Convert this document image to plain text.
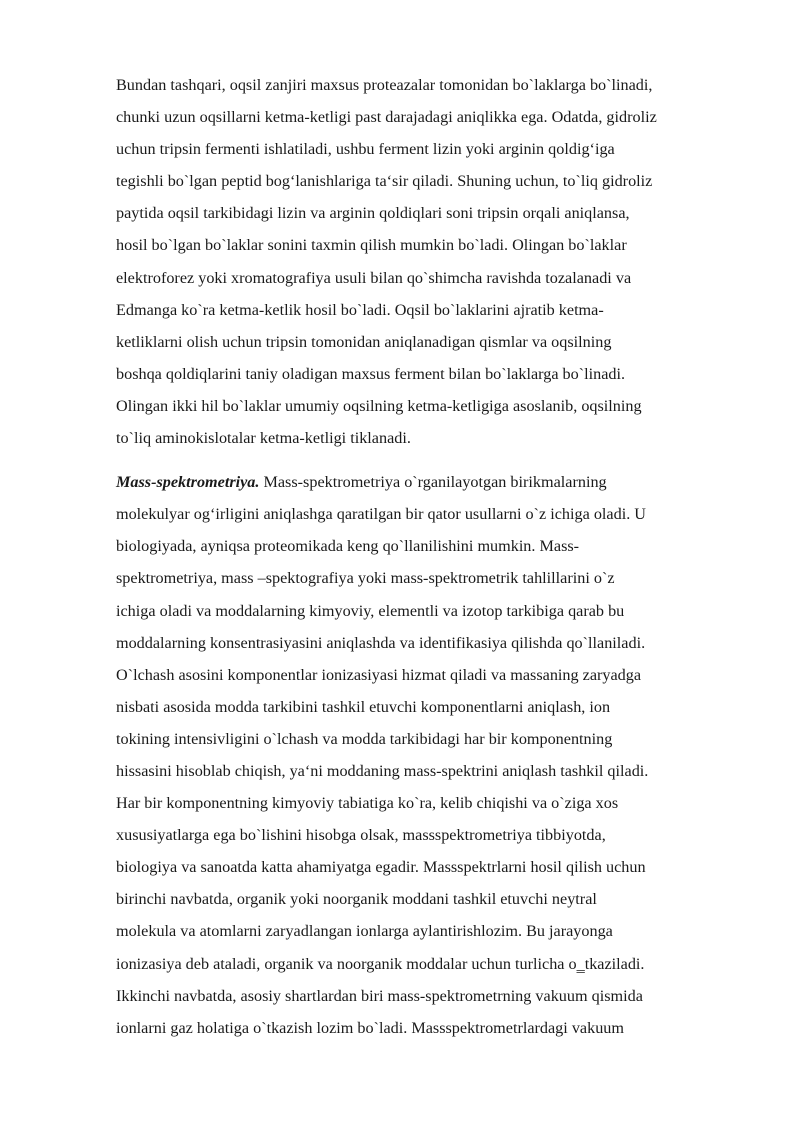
Bundan tashqari, oqsil zanjiri maxsus proteazalar tomonidan bo`laklarga bo`linadi,
chunki uzun oqsillarni ketma-ketligi past darajadagi aniqlikka ega. Odatda, gidroliz
uchun tripsin fermenti ishlatiladi, ushbu ferment lizin yoki arginin qoldig‘iga
tegishli bo`lgan peptid bog‘lanishlariga ta‘sir qiladi. Shuning uchun, to`liq gidroliz
paytida oqsil tarkibidagi lizin va arginin qoldiqlari soni tripsin orqali aniqlansa,
hosil bo`lgan bo`laklar sonini taxmin qilish mumkin bo`ladi. Olingan bo`laklar
elektroforez yoki xromatografiya usuli bilan qo`shimcha ravishda tozalanadi va
Edmanga ko`ra ketma-ketlik hosil bo`ladi. Oqsil bo`laklarini ajratib ketma-
ketliklarni olish uchun tripsin tomonidan aniqlanadigan qismlar va oqsilning
boshqa qoldiqlarini taniy oladigan maxsus ferment bilan bo`laklarga bo`linadi.
Olingan ikki hil bo`laklar umumiy oqsilning ketma-ketligiga asoslanib, oqsilning
to`liq aminokislotalar ketma-ketligi tiklanadi.
Mass-spektrometriya. Mass-spektrometriya o`rganilayotgan birikmalarning
molekulyar og‘irligini aniqlashga qaratilgan bir qator usullarni o`z ichiga oladi. U
biologiyada, ayniqsa proteomikada keng qo`llanilishini mumkin. Mass-
spektrometriya, mass –spektografiya yoki mass-spektrometrik tahlillarini o`z
ichiga oladi va moddalarning kimyoviy, elementli va izotop tarkibiga qarab bu
moddalarning konsentrasiyasini aniqlashda va identifikasiya qilishda qo`llaniladi.
O`lchash asosini komponentlar ionizasiyasi hizmat qiladi va massaning zaryadga
nisbati asosida modda tarkibini tashkil etuvchi komponentlarni aniqlash, ion
tokining intensivligini o`lchash va modda tarkibidagi har bir komponentning
hissasini hisoblab chiqish, ya‘ni moddaning mass-spektrini aniqlash tashkil qiladi.
Har bir komponentning kimyoviy tabiatiga ko`ra, kelib chiqishi va o`ziga xos
xususiyatlarga ega bo`lishini hisobga olsak, massspektrometriya tibbiyotda,
biologiya va sanoatda katta ahamiyatga egadir. Massspektrlarni hosil qilish uchun
birinchi navbatda, organik yoki noorganik moddani tashkil etuvchi neytral
molekula va atomlarni zaryadlangan ionlarga aylantirishlozim. Bu jarayonga
ionizasiya deb ataladi, organik va noorganik moddalar uchun turlicha o‗tkaziladi.
Ikkinchi navbatda, asosiy shartlardan biri mass-spektrometrning vakuum qismida
ionlarni gaz holatiga o`tkazish lozim bo`ladi. Massspektrometrlardagi vakuum
